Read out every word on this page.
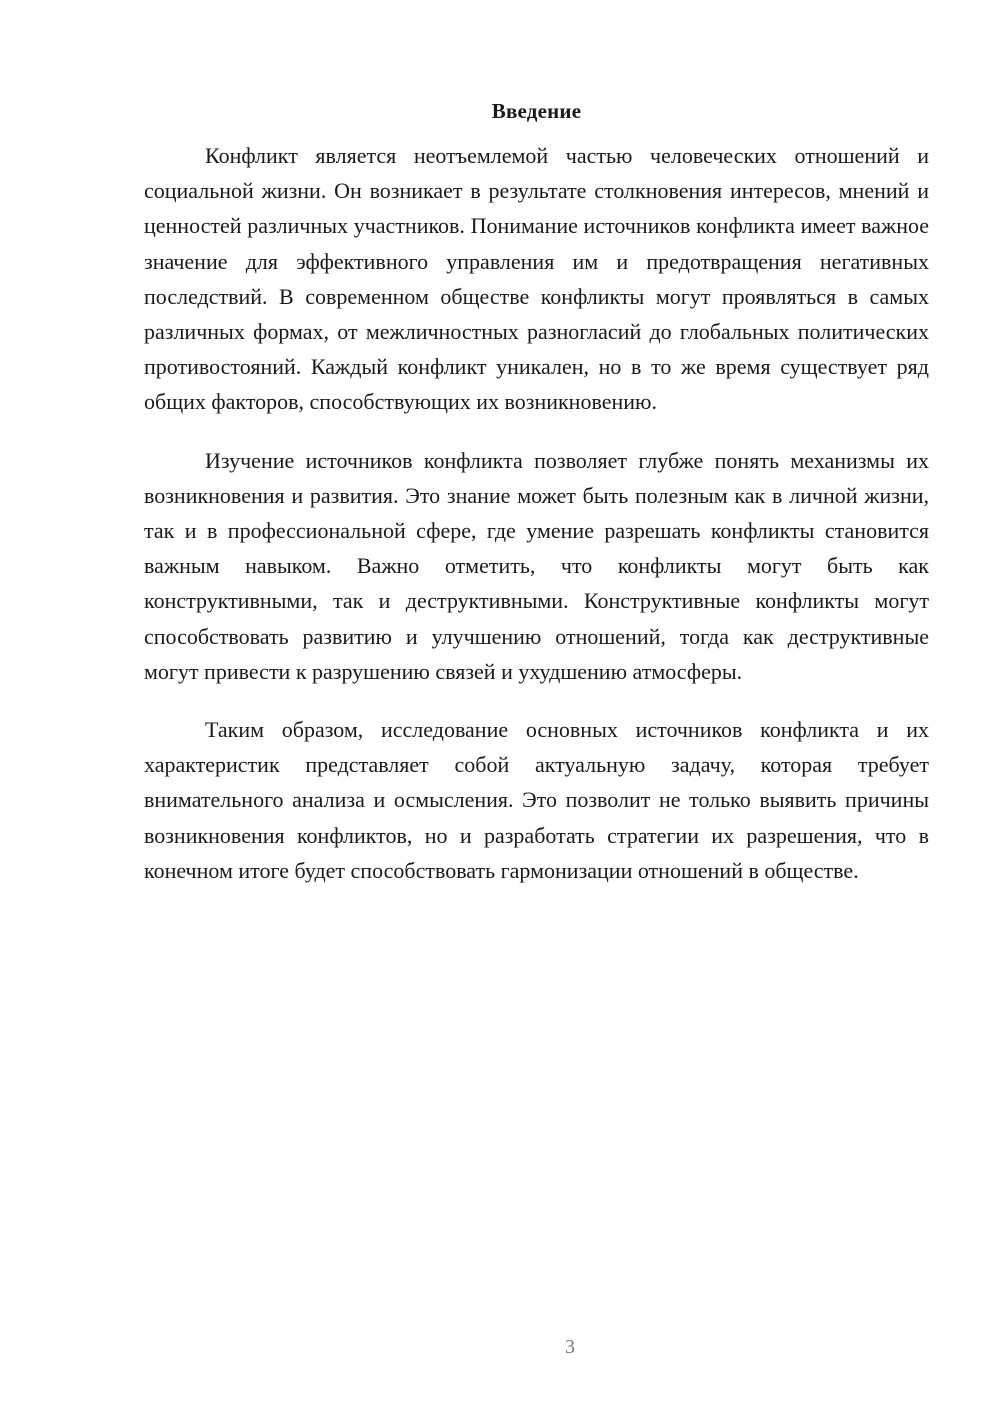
Введение

Конфликт является неотъемлемой частью человеческих отношений и социальной жизни. Он возникает в результате столкновения интересов, мнений и ценностей различных участников. Понимание источников конфликта имеет важное значение для эффективного управления им и предотвращения негативных последствий. В современном обществе конфликты могут проявляться в самых различных формах, от межличностных разногласий до глобальных политических противостояний. Каждый конфликт уникален, но в то же время существует ряд общих факторов, способствующих их возникновению.

Изучение источников конфликта позволяет глубже понять механизмы их возникновения и развития. Это знание может быть полезным как в личной жизни, так и в профессиональной сфере, где умение разрешать конфликты становится важным навыком. Важно отметить, что конфликты могут быть как конструктивными, так и деструктивными. Конструктивные конфликты могут способствовать развитию и улучшению отношений, тогда как деструктивные могут привести к разрушению связей и ухудшению атмосферы.

Таким образом, исследование основных источников конфликта и их характеристик представляет собой актуальную задачу, которая требует внимательного анализа и осмысления. Это позволит не только выявить причины возникновения конфликтов, но и разработать стратегии их разрешения, что в конечном итоге будет способствовать гармонизации отношений в обществе.

3
